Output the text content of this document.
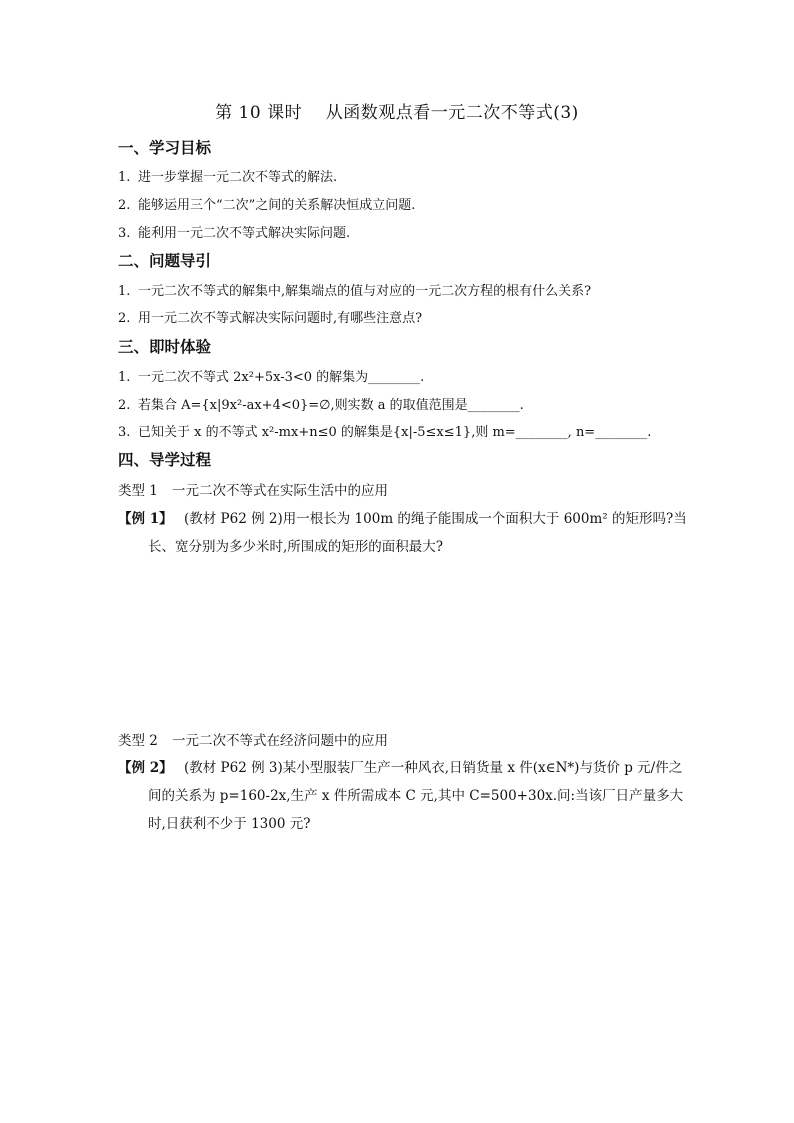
第 10 课时 从函数观点看一元二次不等式(3)
一、学习目标
1. 进一步掌握一元二次不等式的解法.
2. 能够运用三个“二次”之间的关系解决恒成立问题.
3. 能利用一元二次不等式解决实际问题.
二、问题导引
1. 一元二次不等式的解集中,解集端点的值与对应的一元二次方程的根有什么关系?
2. 用一元二次不等式解决实际问题时,有哪些注意点?
三、即时体验
1. 一元二次不等式 2x²+5x-3<0 的解集为________.
2. 若集合 A={x|9x²-ax+4<0}=∅,则实数 a 的取值范围是________.
3. 已知关于 x 的不等式 x²-mx+n≤0 的解集是{x|-5≤x≤1},则 m=________, n=________.
四、导学过程
类型 1 一元二次不等式在实际生活中的应用
【例 1】 (教材 P62 例 2)用一根长为 100m 的绳子能围成一个面积大于 600m² 的矩形吗?当
长、宽分别为多少米时,所围成的矩形的面积最大?
类型 2 一元二次不等式在经济问题中的应用
【例 2】 (教材 P62 例 3)某小型服装厂生产一种风衣,日销货量 x 件(x∈N*)与货价 p 元/件之
间的关系为 p=160-2x,生产 x 件所需成本 C 元,其中 C=500+30x.问:当该厂日产量多大
时,日获利不少于 1300 元?
